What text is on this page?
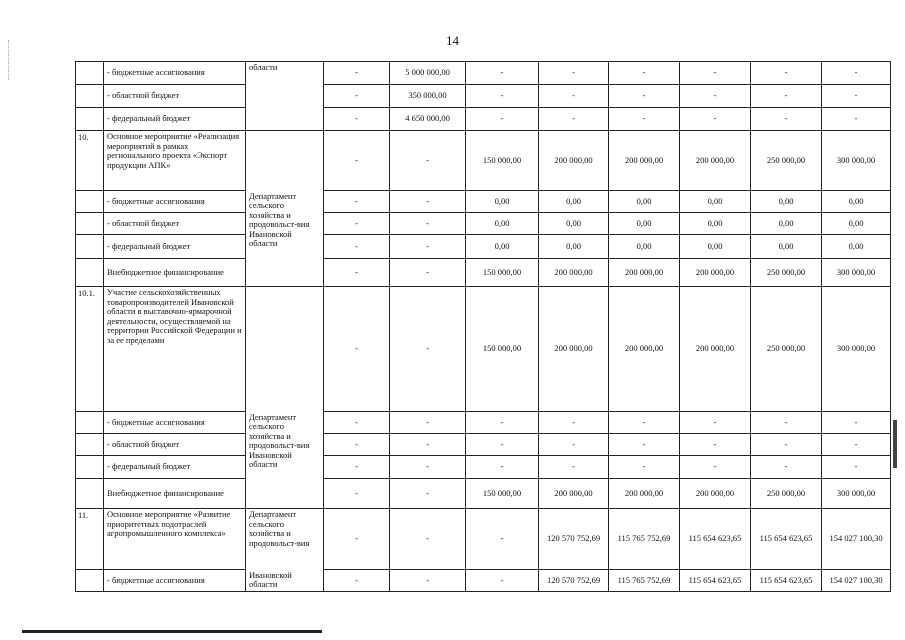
14
	- бюджетные ассигнования	области	-	5 000 000,00	-	-	-	-	-	-
	- областной бюджет		-	350 000,00	-	-	-	-	-	-
	- федеральный бюджет		-	4 650 000,00	-	-	-	-	-	-
10.	Основное мероприятие «Реализация мероприятий в рамках регионального проекта «Экспорт продукции АПК»		-	-	150 000,00	200 000,00	200 000,00	200 000,00	250 000,00	300 000,00
	- бюджетные ассигнования	Департамент сельского хозяйства и продовольст-вия Ивановской области	-	-	0,00	0,00	0,00	0,00	0,00	0,00
	- областной бюджет		-	-	0,00	0,00	0,00	0,00	0,00	0,00
	- федеральный бюджет		-	-	0,00	0,00	0,00	0,00	0,00	0,00
	Внебюджетное финансирование		-	-	150 000,00	200 000,00	200 000,00	200 000,00	250 000,00	300 000,00
10.1.	Участие сельскохозяйственных товаропроизводителей Ивановской области в выставочно-ярмарочной деятельности, осуществляемой на территории Российской Федерации и за ее пределами		-	-	150 000,00	200 000,00	200 000,00	200 000,00	250 000,00	300 000,00
	- бюджетные ассигнования	Департамент сельского хозяйства и продовольст-вия Ивановской области	-	-	-	-	-	-	-	-
	- областной бюджет		-	-	-	-	-	-	-	-
	- федеральный бюджет		-	-	-	-	-	-	-	-
	Внебюджетное финансирование		-	-	150 000,00	200 000,00	200 000,00	200 000,00	250 000,00	300 000,00
11.	Основное мероприятие «Развитие приоритетных подотраслей агропромышленного комплекса»	Департамент сельского хозяйства и продовольст-вия	-	-	-	120 570 752,69	115 765 752,69	115 654 623,65	115 654 623,65	154 027 100,30
	- бюджетные ассигнования	Ивановской области	-	-	-	120 570 752,69	115 765 752,69	115 654 623,65	115 654 623,65	154 027 100,30
